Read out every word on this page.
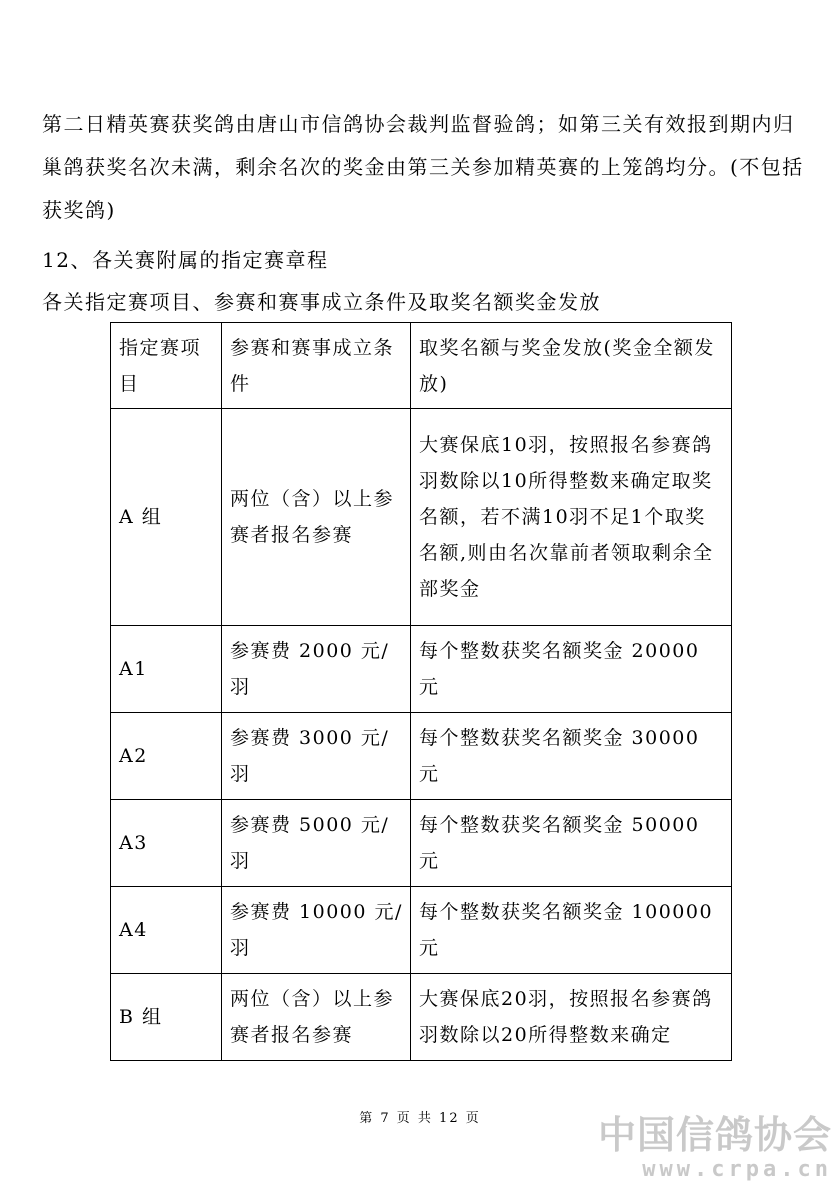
第二日精英赛获奖鸽由唐山市信鸽协会裁判监督验鸽；如第三关有效报到期内归巢鸽获奖名次未满，剩余名次的奖金由第三关参加精英赛的上笼鸽均分。(不包括获奖鸽)
12、各关赛附属的指定赛章程
各关指定赛项目、参赛和赛事成立条件及取奖名额奖金发放
指定赛项目	参赛和赛事成立条件	取奖名额与奖金发放(奖金全额发放)
A 组	两位（含）以上参赛者报名参赛	大赛保底10羽，按照报名参赛鸽羽数除以10所得整数来确定取奖名额，若不满10羽不足1个取奖名额,则由名次靠前者领取剩余全部奖金
A1	参赛费 2000 元/羽	每个整数获奖名额奖金 20000 元
A2	参赛费 3000 元/羽	每个整数获奖名额奖金 30000 元
A3	参赛费 5000 元/羽	每个整数获奖名额奖金 50000 元
A4	参赛费 10000 元/羽	每个整数获奖名额奖金 100000 元
B 组	两位（含）以上参赛者报名参赛	大赛保底20羽，按照报名参赛鸽羽数除以20所得整数来确定
第 7 页 共 12 页	中国信鸽协会
www.crpa.cn
